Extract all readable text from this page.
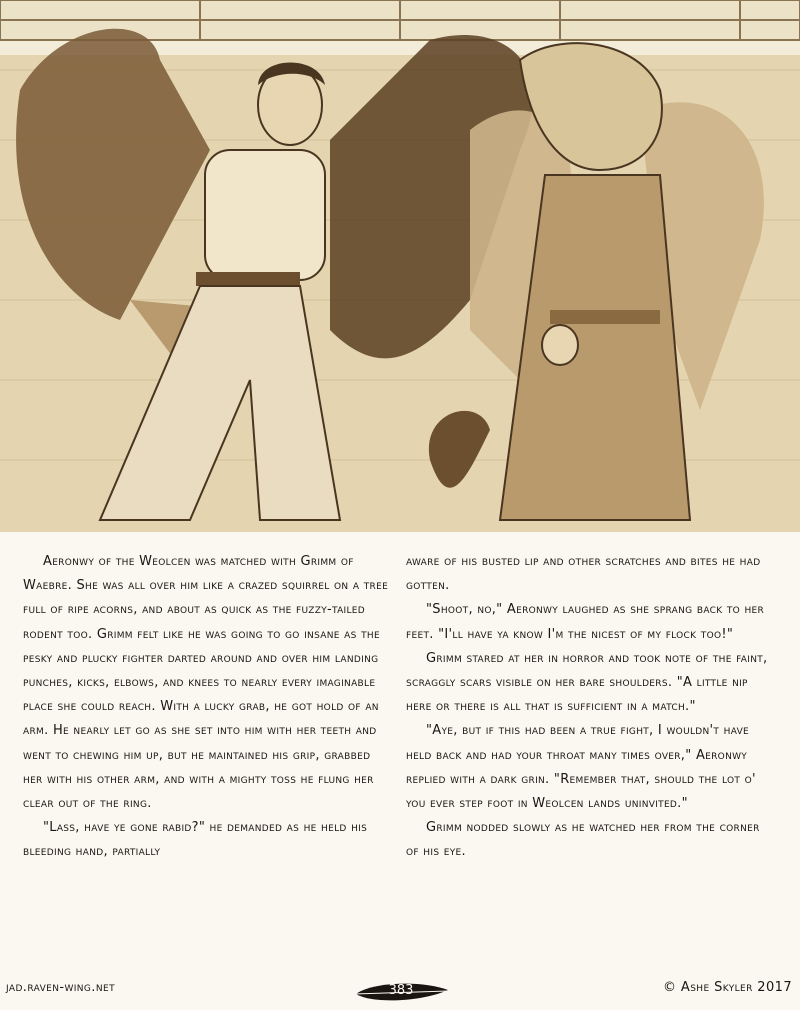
Aeronwy of the Weolcen was matched with Grimm of Waebre. She was all over him like a crazed squirrel on a tree full of ripe acorns, and about as quick as the fuzzy-tailed rodent too. Grimm felt like he was going to go insane as the pesky and plucky fighter darted around and over him landing punches, kicks, elbows, and knees to nearly every imaginable place she could reach. With a lucky grab, he got hold of an arm. He nearly let go as she set into him with her teeth and went to chewing him up, but he maintained his grip, grabbed her with his other arm, and with a mighty toss he flung her clear out of the ring.

"Lass, have ye gone rabid?" he demanded as he held his bleeding hand, partially

aware of his busted lip and other scratches and bites he had gotten.

"Shoot, no," Aeronwy laughed as she sprang back to her feet. "I'll have ya know I'm the nicest of my flock too!"

Grimm stared at her in horror and took note of the faint, scraggly scars visible on her bare shoulders. "A little nip here or there is all that is sufficient in a match."

"Aye, but if this had been a true fight, I wouldn't have held back and had your throat many times over," Aeronwy replied with a dark grin. "Remember that, should the lot o' you ever step foot in Weolcen lands uninvited."

Grimm nodded slowly as he watched her from the corner of his eye.

jad.raven-wing.net	383	© Ashe Skyler 2017
